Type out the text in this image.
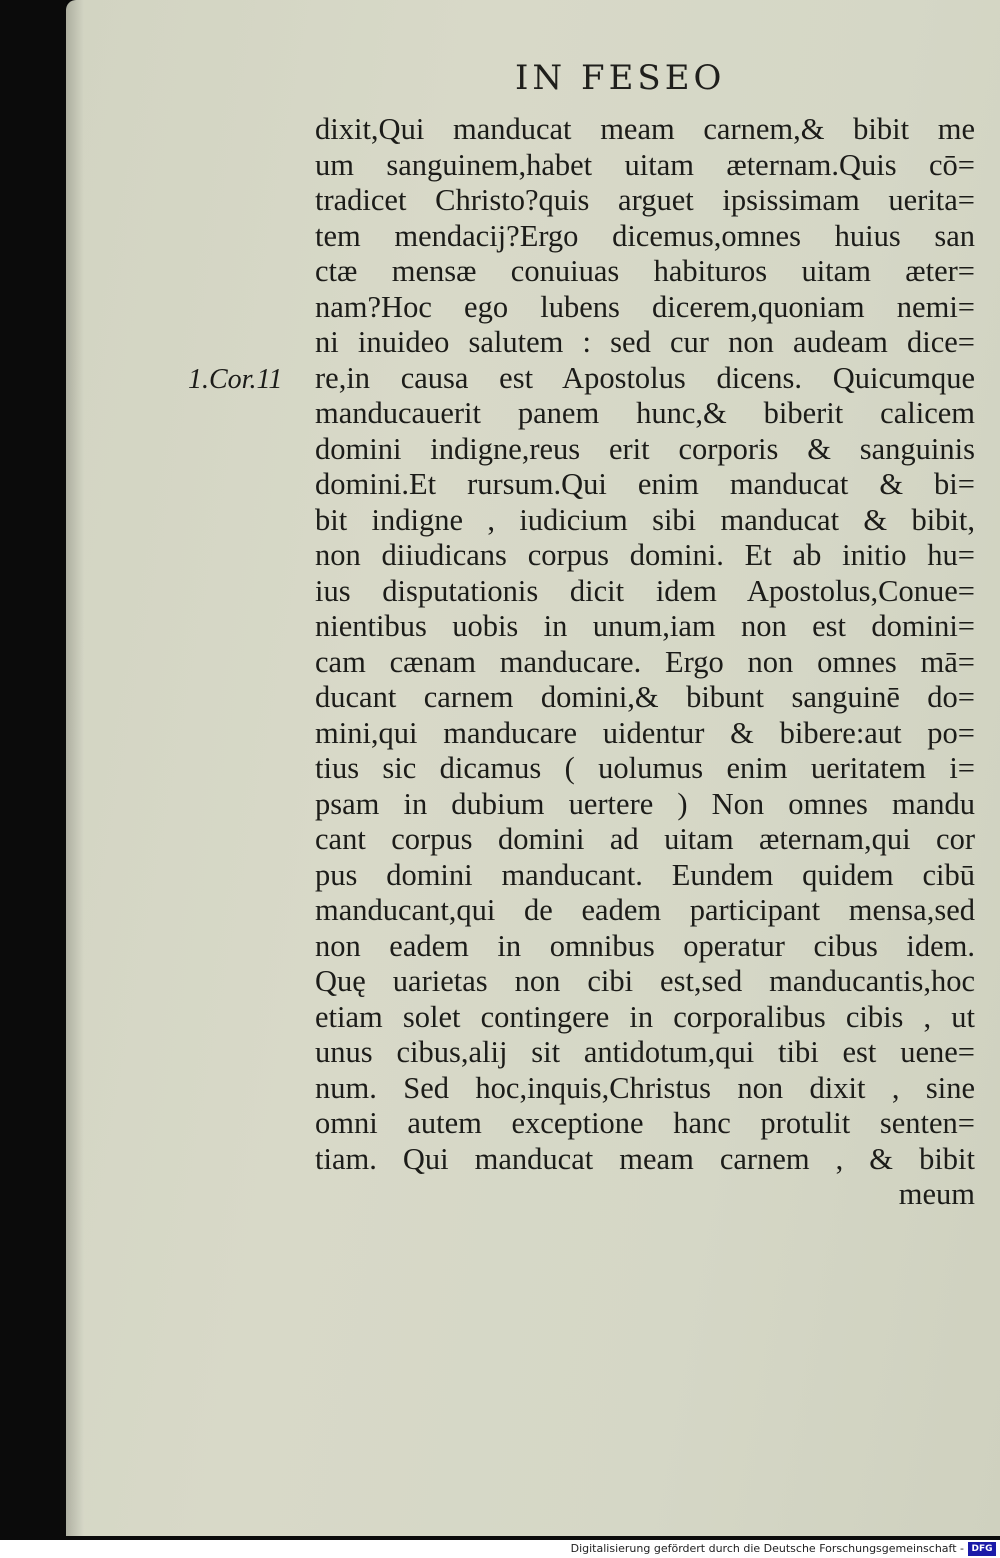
IN FESEO
1.Cor.11
dixit,Qui manducat meam carnem,& bibit me
um sanguinem,habet uitam æternam.Quis cō=
tradicet Christo?quis arguet ipsissimam uerita=
tem mendacij?Ergo dicemus,omnes huius san
ctæ mensæ conuiuas habituros uitam æter=
nam?Hoc ego lubens dicerem,quoniam nemi=
ni inuideo salutem : sed cur non audeam dice=
re,in causa est Apostolus dicens. Quicumque
manducauerit panem hunc,& biberit calicem
domini indigne,reus erit corporis & sanguinis
domini.Et rursum.Qui enim manducat & bi=
bit indigne , iudicium sibi manducat & bibit,
non diiudicans corpus domini. Et ab initio hu=
ius disputationis dicit idem Apostolus,Conue=
nientibus uobis in unum,iam non est domini=
cam cænam manducare. Ergo non omnes mā=
ducant carnem domini,& bibunt sanguinē do=
mini,qui manducare uidentur & bibere:aut po=
tius sic dicamus ( uolumus enim ueritatem i=
psam in dubium uertere ) Non omnes mandu
cant corpus domini ad uitam æternam,qui cor
pus domini manducant. Eundem quidem cibū
manducant,qui de eadem participant mensa,sed
non eadem in omnibus operatur cibus idem.
Quę uarietas non cibi est,sed manducantis,hoc
etiam solet contingere in corporalibus cibis , ut
unus cibus,alij sit antidotum,qui tibi est uene=
num. Sed hoc,inquis,Christus non dixit , sine
omni autem exceptione hanc protulit senten=
tiam. Qui manducat meam carnem , & bibit
meum
Digitalisierung gefördert durch die Deutsche Forschungsgemeinschaft - DFG
